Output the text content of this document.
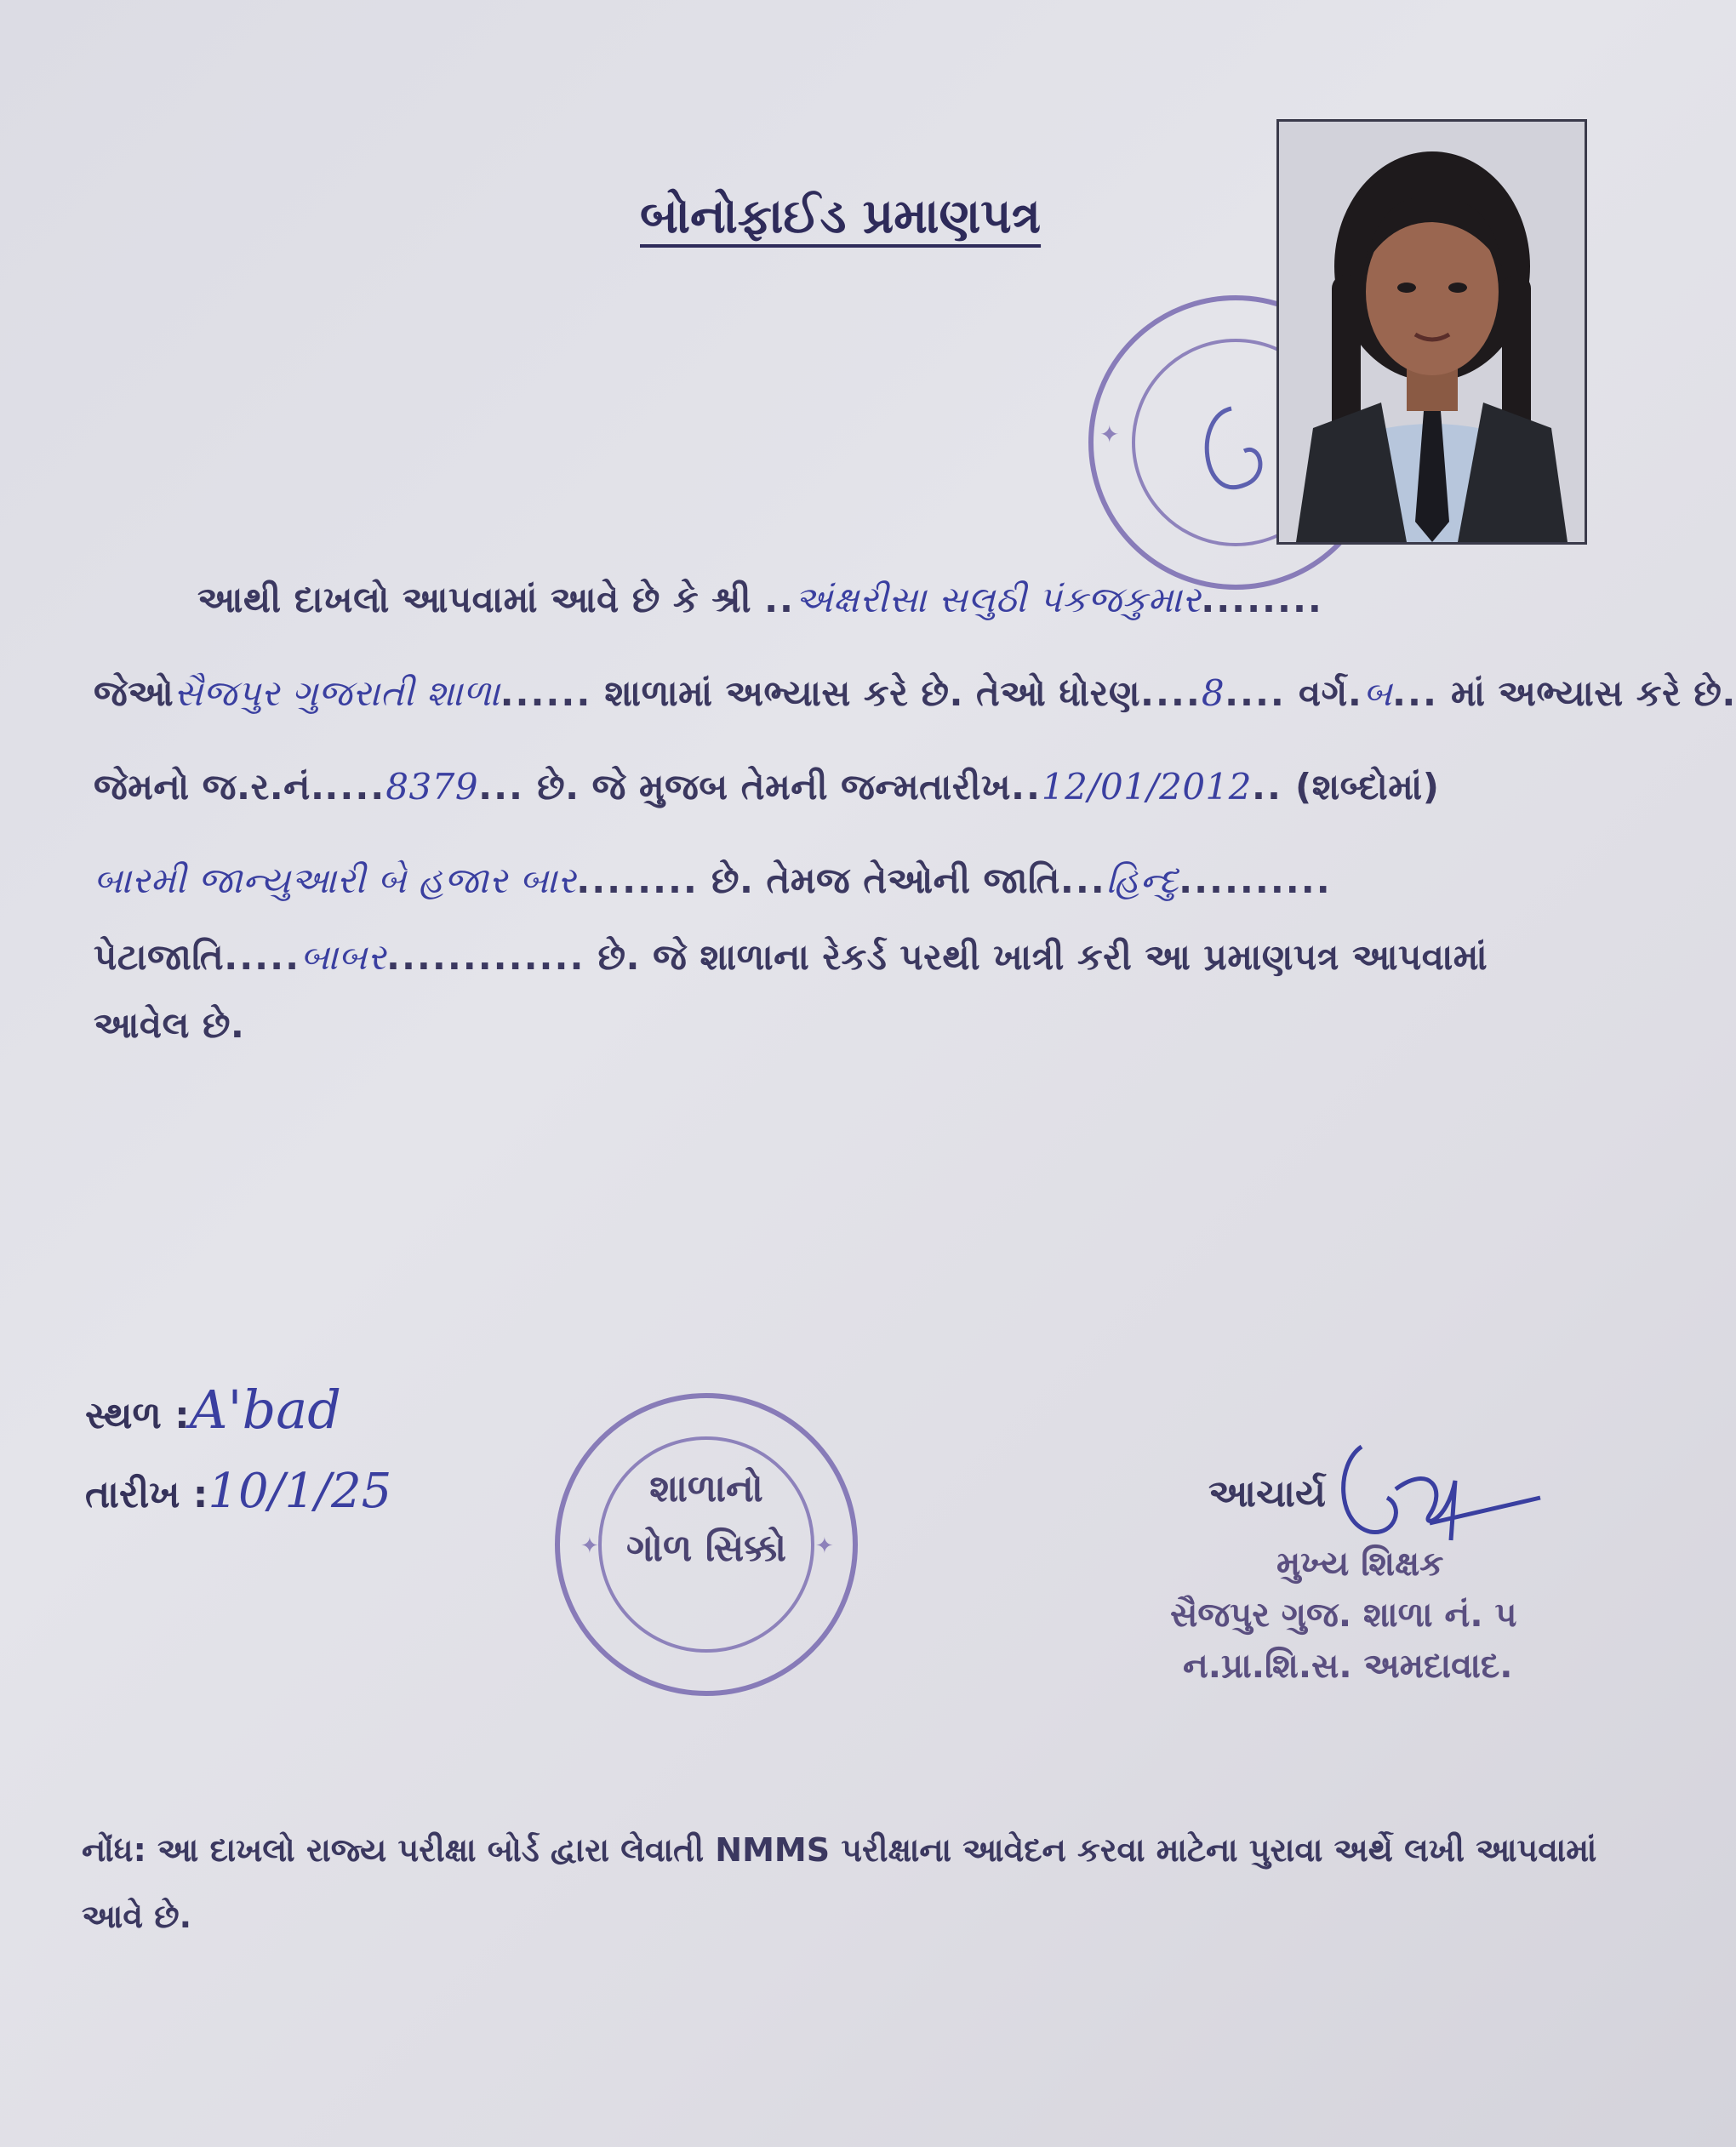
બોનોફાઈડ પ્રમાણપત્ર
✦
આથી દાખલો આપવામાં આવે છે કે શ્રી ..અંક્ષરીસા સલુઠી પંકજકુમાર........
જેઓસૈજપુર ગુજરાતી શાળા...... શાળામાં અભ્યાસ કરે છે. તેઓ ધોરણ....8.... વર્ગ.બ... માં અભ્યાસ કરે છે.
જેમનો જ.ર.નં.....8379... છે. જે મુજબ તેમની જન્મતારીખ..12/01/2012.. (શબ્દોમાં)
બારમી જાન્યુઆરી બે હજાર બાર........ છે. તેમજ તેઓની જાતિ...હિન્દુ..........
પેટાજાતિ.....બાબર............. છે. જે શાળાના રેકર્ડ પરથી ખાત્રી કરી આ પ્રમાણપત્ર આપવામાં
આવેલ છે.
સ્થળ :A'bad
તારીખ :10/1/25
✦	✦
શાળાનો ગોળ સિક્કો
આચાર્ય
મુખ્ય શિક્ષક
સૈજપુર ગુજ. શાળા નં. પ
ન.પ્રા.શિ.સ. અમદાવાદ.
નોંધ: આ દાખલો રાજ્ય પરીક્ષા બોર્ડ દ્વારા લેવાતી NMMS પરીક્ષાના આવેદન કરવા માટેના પુરાવા અર્થે લખી આપવામાં આવે છે.
